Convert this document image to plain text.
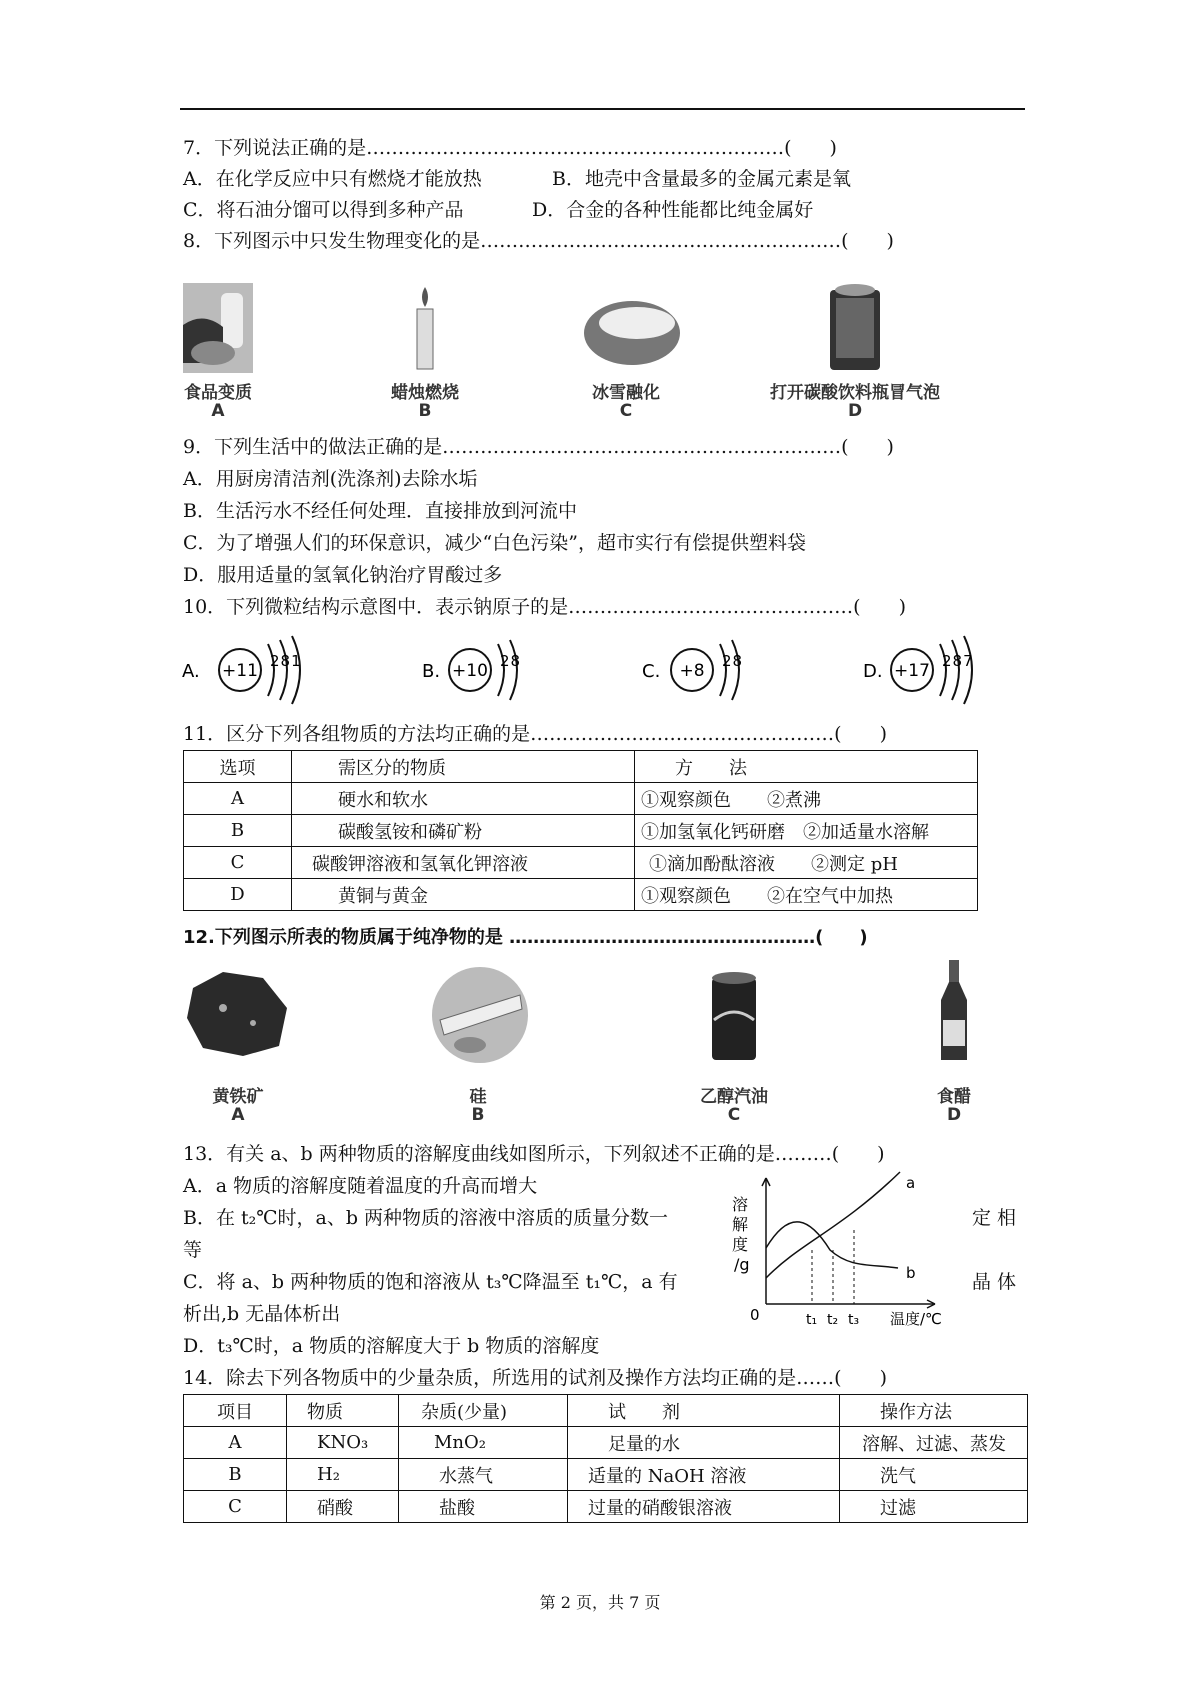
7．下列说法正确的是…………………………………………………………(　　)
A．在化学反应中只有燃烧才能放热	B．地壳中含量最多的金属元素是氧
C．将石油分馏可以得到多种产品	D．合金的各种性能都比纯金属好
8．下列图示中只发生物理变化的是…………………………………………………(　　)
食品变质
A
蜡烛燃烧
B
冰雪融化
C
打开碳酸饮料瓶冒气泡
D
9．下列生活中的做法正确的是………………………………………………………(　　)
A．用厨房清洁剂(洗涤剂)去除水垢
B．生活污水不经任何处理．直接排放到河流中
C．为了增强人们的环保意识，减少“白色污染”，超市实行有偿提供塑料袋
D．服用适量的氢氧化钠治疗胃酸过多
10．下列微粒结构示意图中．表示钠原子的是………………………………………(　　)
A. +11 281	B. +10 28	C. +8 28	D. +17 287
11．区分下列各组物质的方法均正确的是…………………………………………(　　)
选项	需区分的物质	方　　法
A	硬水和软水	①观察颜色　　②煮沸
B	碳酸氢铵和磷矿粉	①加氢氧化钙研磨　②加适量水溶解
C	碳酸钾溶液和氢氧化钾溶液	①滴加酚酞溶液　　②测定 pH
D	黄铜与黄金	①观察颜色　　②在空气中加热
12.下列图示所表的物质属于纯净物的是 ……………………………………………(　　)
黄铁矿
A
硅
B
乙醇汽油
C
食醋
D
13．有关 a、b 两种物质的溶解度曲线如图所示，下列叙述不正确的是………(　　)
A．a 物质的溶解度随着温度的升高而增大
B．在 t₂℃时，a、b 两种物质的溶液中溶质的质量分数一	定 相
等
C．将 a、b 两种物质的饱和溶液从 t₃℃降温至 t₁℃，a 有	晶 体
析出,b 无晶体析出
D．t₃℃时，a 物质的溶解度大于 b 物质的溶解度
溶
解
度
/g
0
a
b
t₁ t₂ t₃ 温度/℃
14．除去下列各物质中的少量杂质，所选用的试剂及操作方法均正确的是……(　　)
项目	物质	杂质(少量)	试　　剂	操作方法
A	KNO₃	MnO₂	足量的水	溶解、过滤、蒸发
B	H₂	水蒸气	适量的 NaOH 溶液	洗气
C	硝酸	盐酸	过量的硝酸银溶液	过滤
第 2 页，共 7 页
